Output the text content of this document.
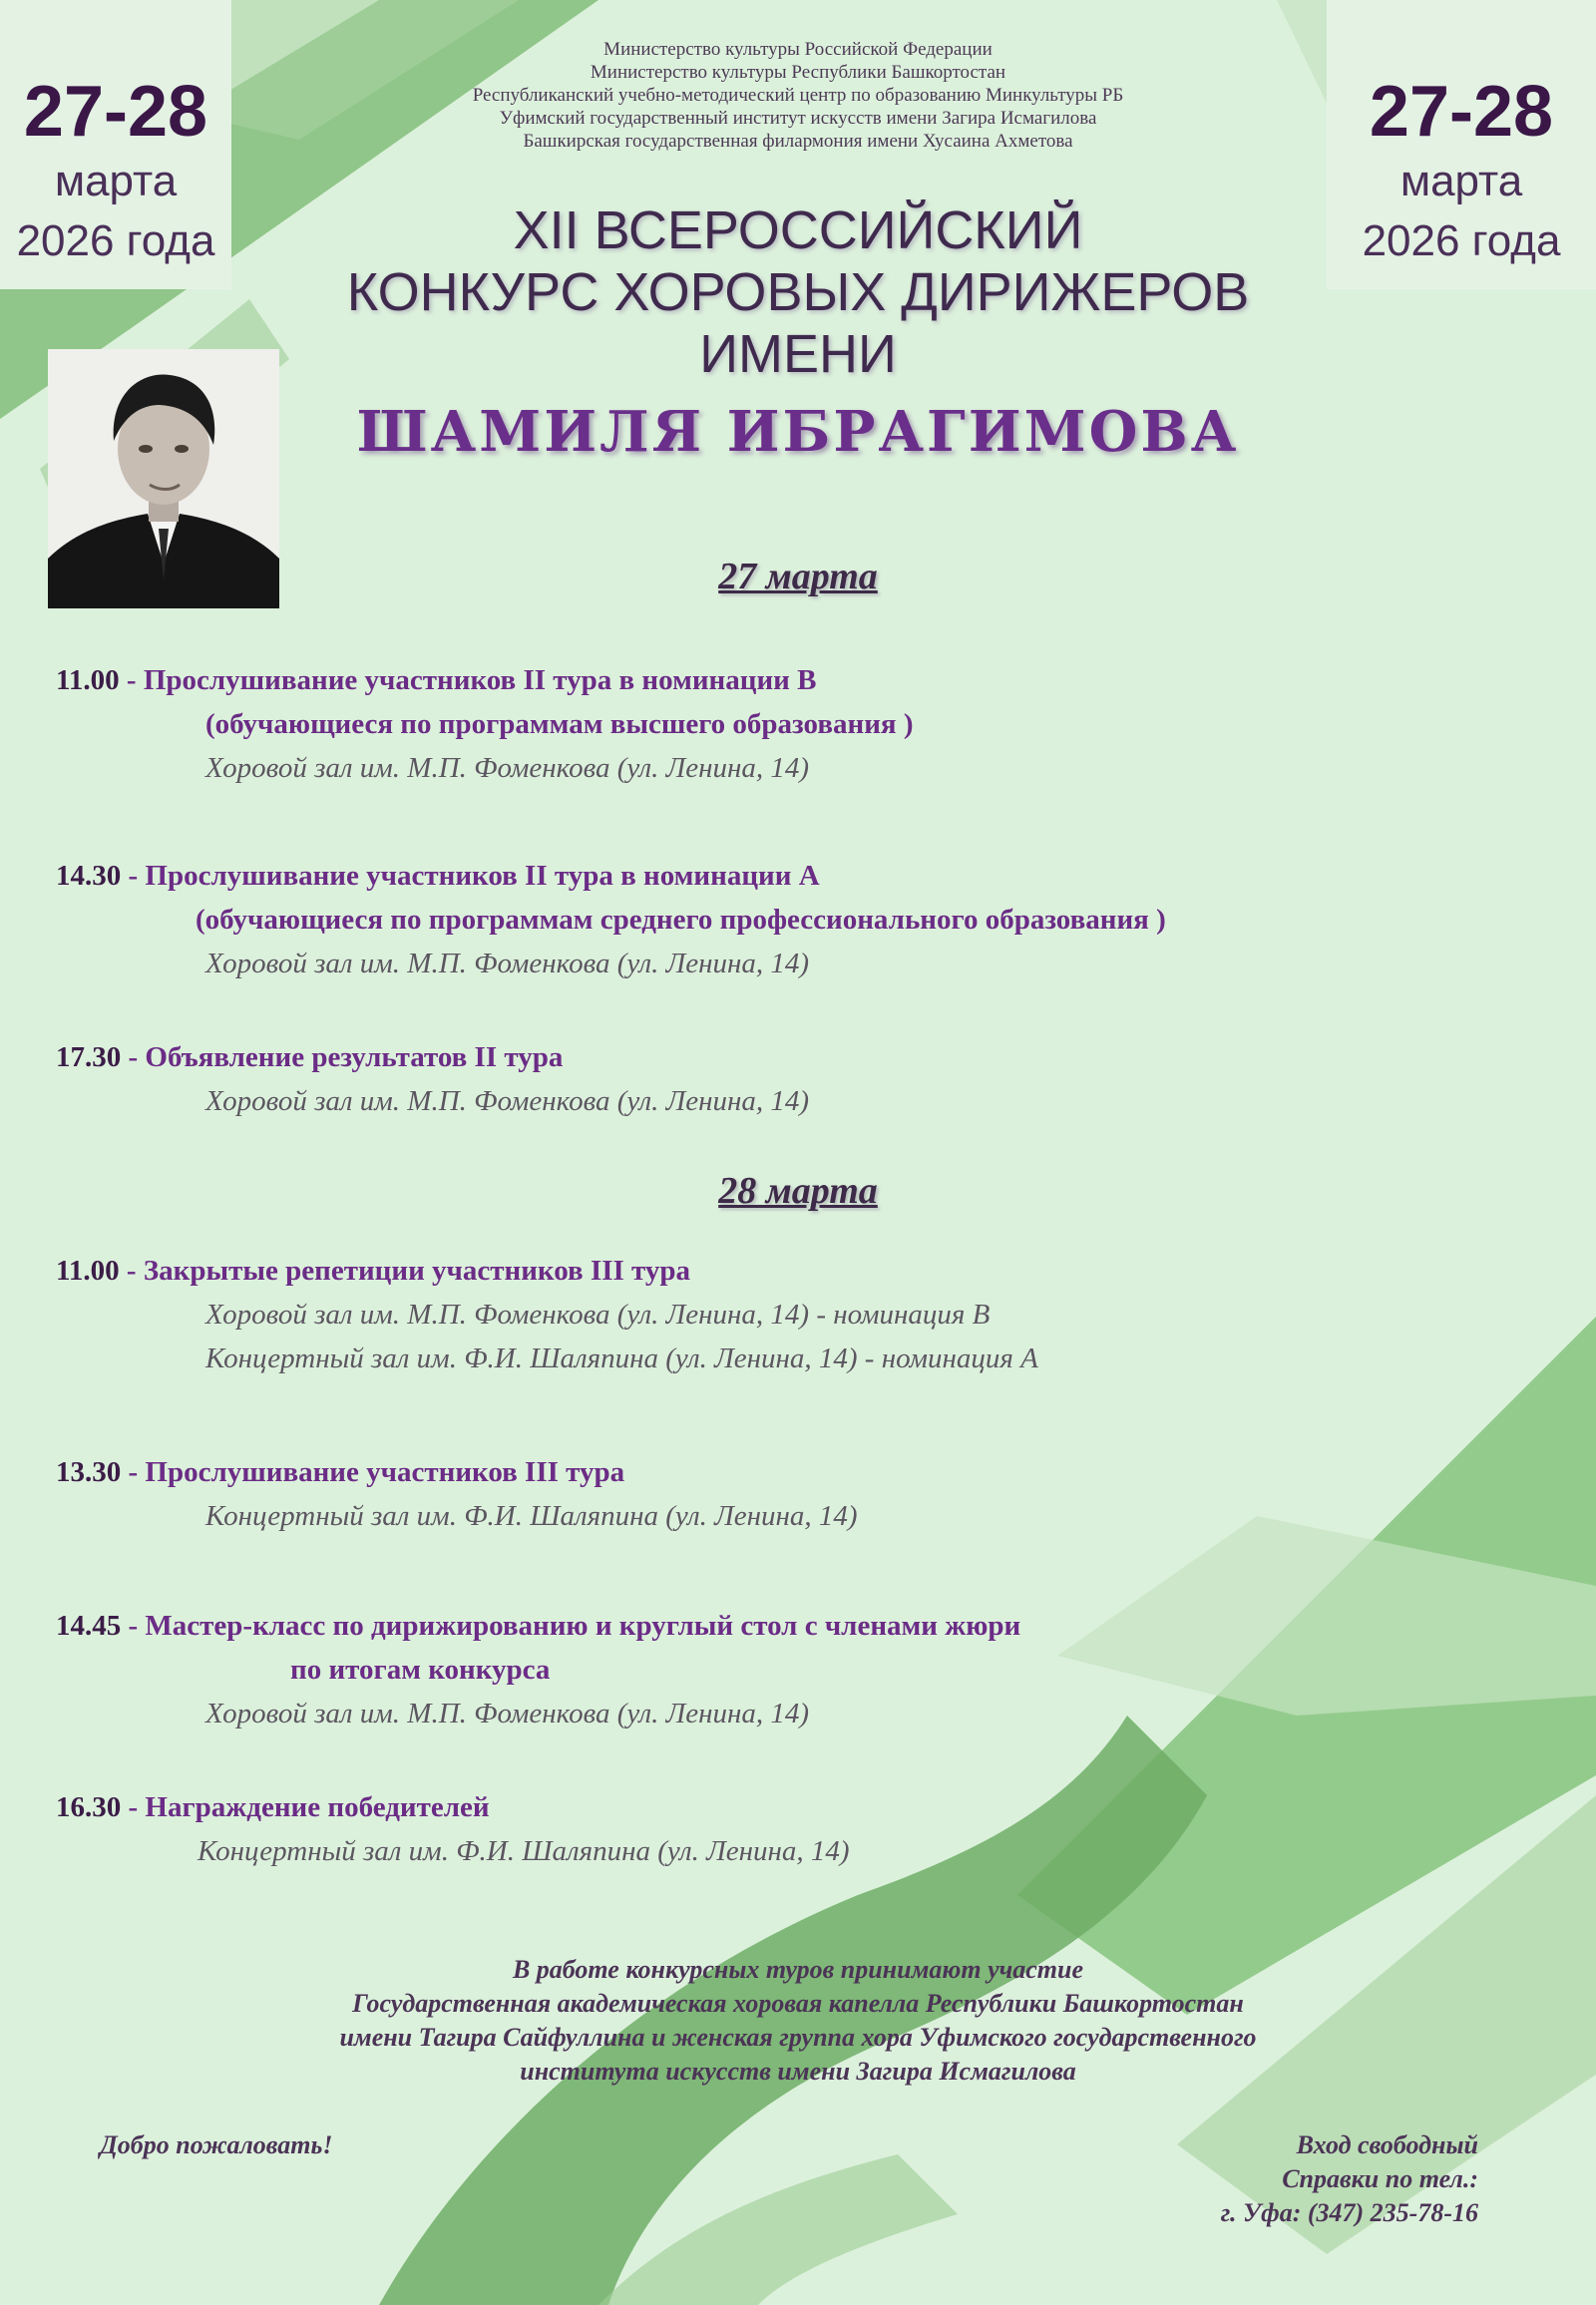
27-28
марта
2026 года
27-28
марта
2026 года
Министерство культуры Российской Федерации
Министерство культуры Республики Башкортостан
Республиканский учебно-методический центр по образованию Минкультуры РБ
Уфимский государственный институт искусств имени Загира Исмагилова
Башкирская государственная филармония имени Хусаина Ахметова
XII ВСЕРОССИЙСКИЙ
КОНКУРС ХОРОВЫХ ДИРИЖЕРОВ
ИМЕНИ
ШАМИЛЯ ИБРАГИМОВА
27 марта
11.00 - Прослушивание участников II тура в номинации В
(обучающиеся по программам высшего образования )
Хоровой зал им. М.П. Фоменкова (ул. Ленина, 14)
14.30 - Прослушивание участников II тура в номинации А
(обучающиеся по программам среднего профессионального образования )
Хоровой зал им. М.П. Фоменкова (ул. Ленина, 14)
17.30 - Объявление результатов II тура
Хоровой зал им. М.П. Фоменкова (ул. Ленина, 14)
28 марта
11.00 - Закрытые репетиции участников III тура
Хоровой зал им. М.П. Фоменкова (ул. Ленина, 14) - номинация В
Концертный зал им. Ф.И. Шаляпина (ул. Ленина, 14) - номинация А
13.30 - Прослушивание участников III тура
Концертный зал им. Ф.И. Шаляпина (ул. Ленина, 14)
14.45 - Мастер-класс по дирижированию и круглый стол с членами жюри
по итогам конкурса
Хоровой зал им. М.П. Фоменкова (ул. Ленина, 14)
16.30 - Награждение победителей
Концертный зал им. Ф.И. Шаляпина (ул. Ленина, 14)
В работе конкурсных туров принимают участие
Государственная академическая хоровая капелла Республики Башкортостан
имени Тагира Сайфуллина и женская группа хора Уфимского государственного
института искусств имени Загира Исмагилова
Добро пожаловать!	Вход свободный
Справки по тел.:
г. Уфа: (347) 235-78-16
